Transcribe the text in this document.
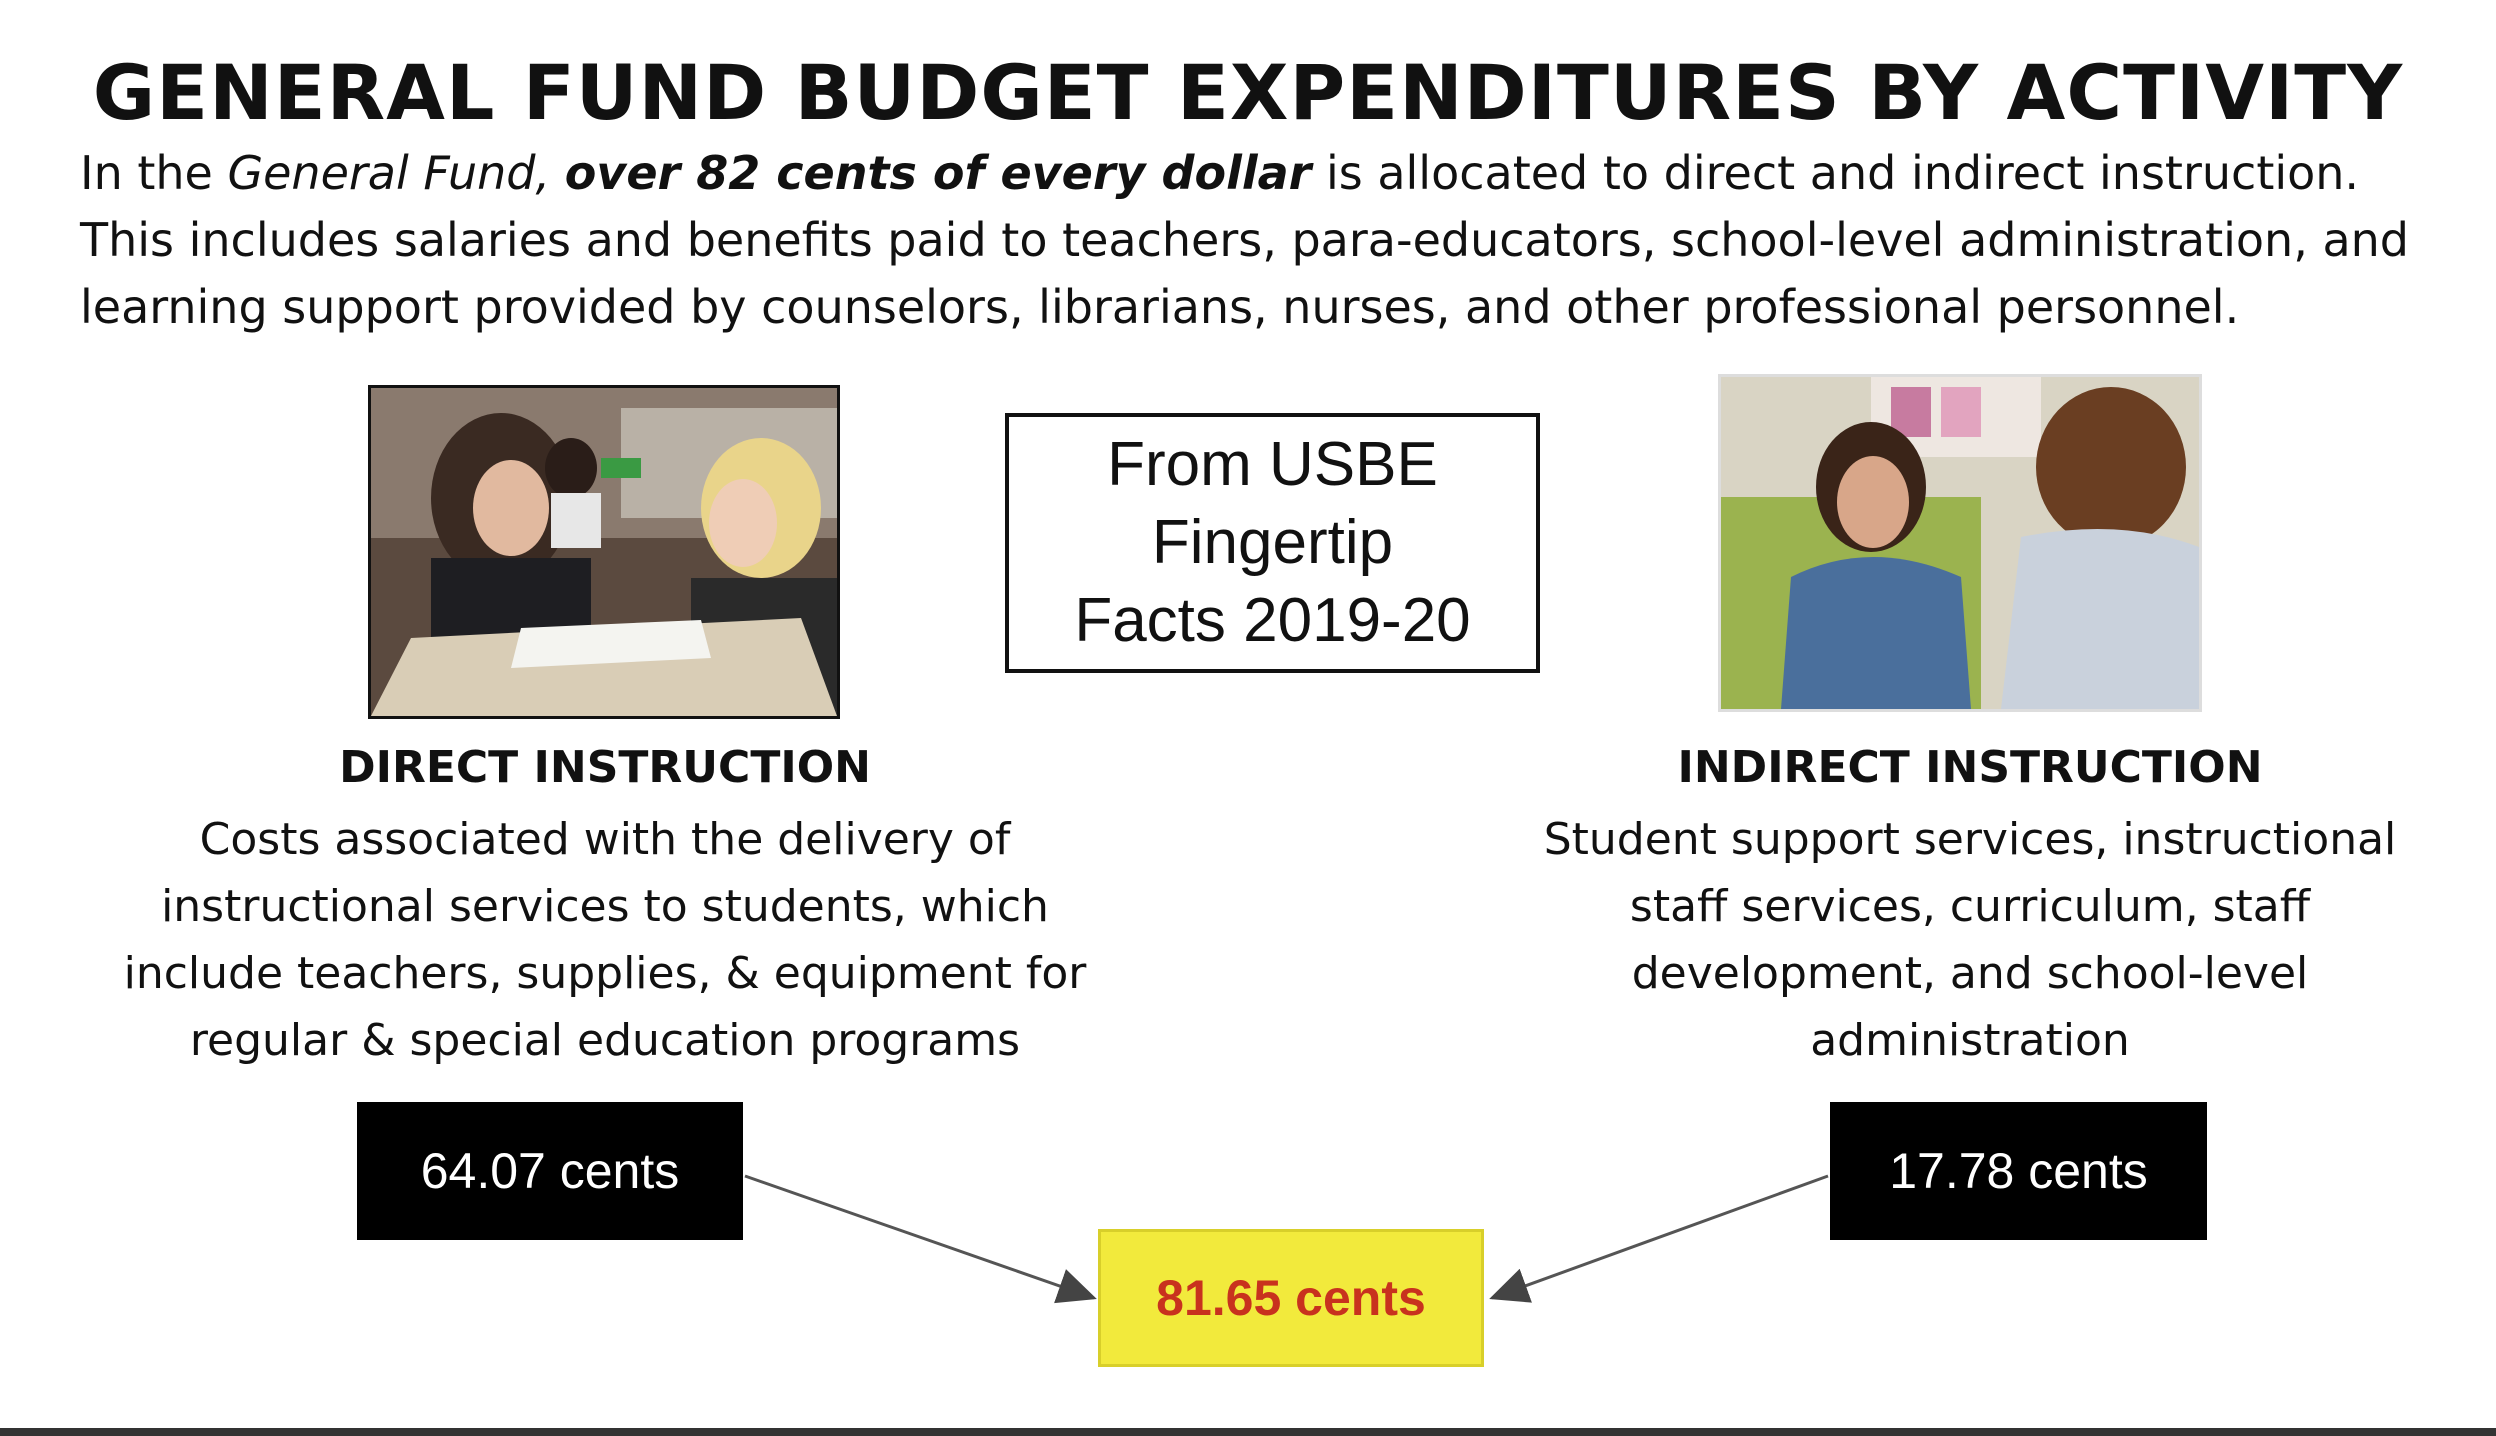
GENERAL FUND BUDGET EXPENDITURES BY ACTIVITY
In the General Fund, over 82 cents of every dollar is allocated to direct and indirect instruction. This includes salaries and benefits paid to teachers, para-educators, school-level administration, and learning support provided by counselors, librarians, nurses, and other professional personnel.
From USBE
Fingertip
Facts 2019-20
DIRECT INSTRUCTION

Costs associated with the delivery of instructional services to students, which include teachers, supplies, & equipment for regular & special education programs

INDIRECT INSTRUCTION

Student support services, instructional staff services, curriculum, staff development, and school-level administration

64.07 cents	17.78 cents
81.65 cents
